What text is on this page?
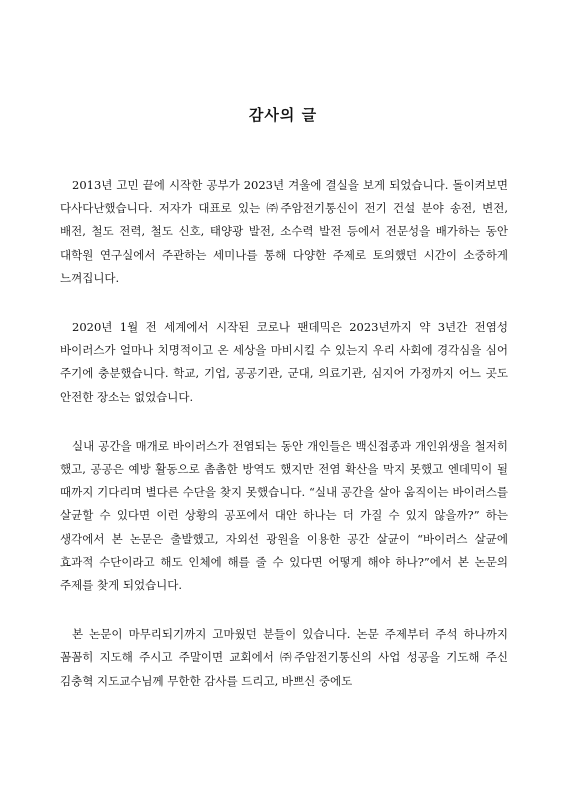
감사의 글

2013년 고민 끝에 시작한 공부가 2023년 겨울에 결실을 보게 되었습니다. 돌이켜보면 다사다난했습니다. 저자가 대표로 있는 ㈜주암전기통신이 전기 건설 분야 송전, 변전, 배전, 철도 전력, 철도 신호, 태양광 발전, 소수력 발전 등에서 전문성을 배가하는 동안 대학원 연구실에서 주관하는 세미나를 통해 다양한 주제로 토의했던 시간이 소중하게 느껴집니다.

2020년 1월 전 세계에서 시작된 코로나 팬데믹은 2023년까지 약 3년간 전염성 바이러스가 얼마나 치명적이고 온 세상을 마비시킬 수 있는지 우리 사회에 경각심을 심어 주기에 충분했습니다. 학교, 기업, 공공기관, 군대, 의료기관, 심지어 가정까지 어느 곳도 안전한 장소는 없었습니다.

실내 공간을 매개로 바이러스가 전염되는 동안 개인들은 백신접종과 개인위생을 철저히 했고, 공공은 예방 활동으로 촘촘한 방역도 했지만 전염 확산을 막지 못했고 엔데믹이 될 때까지 기다리며 별다른 수단을 찾지 못했습니다. “실내 공간을 살아 움직이는 바이러스를 살균할 수 있다면 이런 상황의 공포에서 대안 하나는 더 가질 수 있지 않을까?” 하는 생각에서 본 논문은 출발했고, 자외선 광원을 이용한 공간 살균이 “바이러스 살균에 효과적 수단이라고 해도 인체에 해를 줄 수 있다면 어떻게 해야 하나?”에서 본 논문의 주제를 찾게 되었습니다.

본 논문이 마무리되기까지 고마웠던 분들이 있습니다. 논문 주제부터 주석 하나까지 꼼꼼히 지도해 주시고 주말이면 교회에서 ㈜주암전기통신의 사업 성공을 기도해 주신 김충혁 지도교수님께 무한한 감사를 드리고, 바쁘신 중에도
